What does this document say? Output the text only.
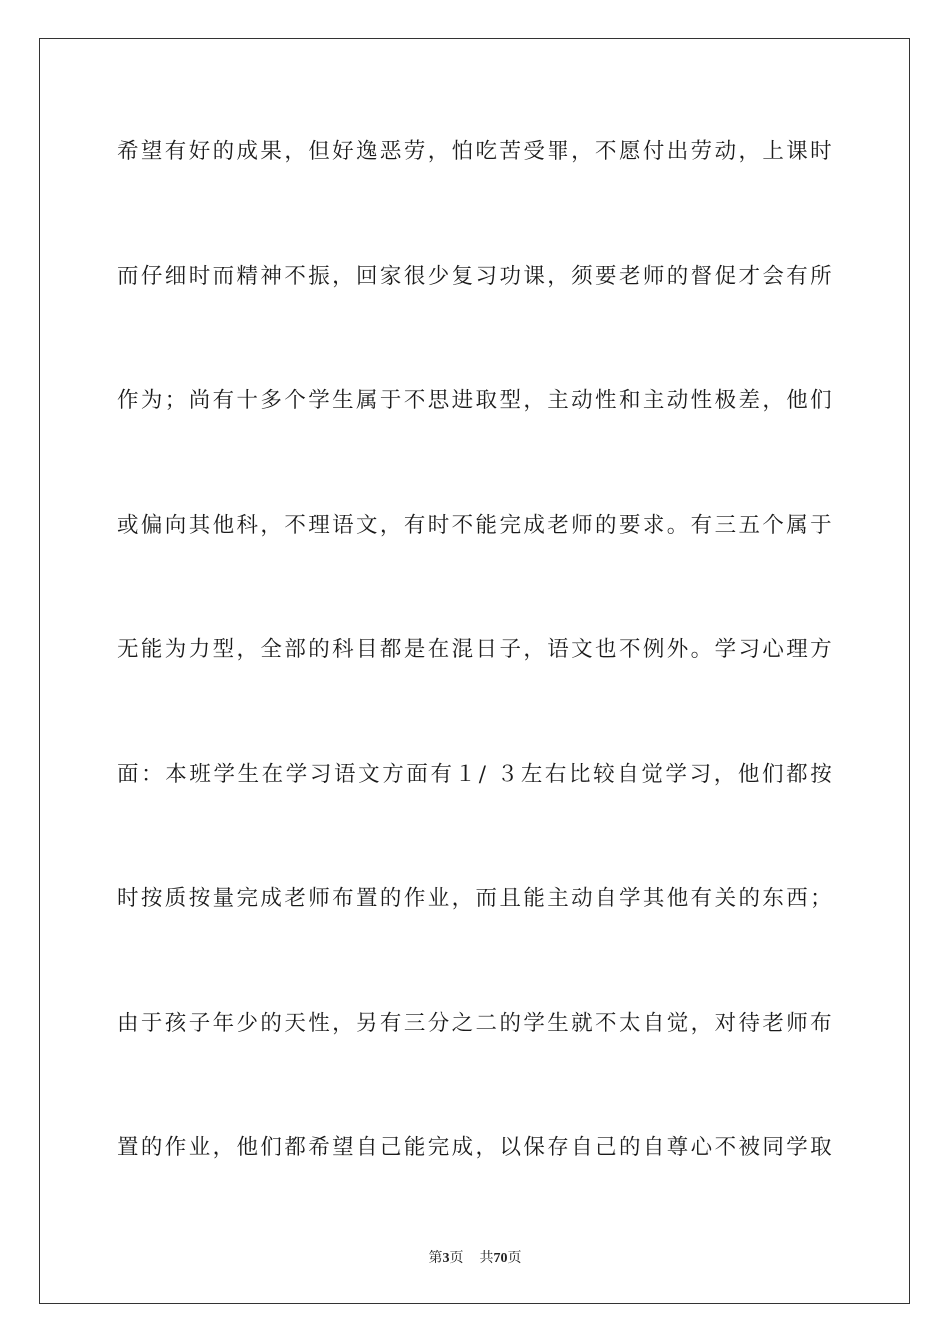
希望有好的成果，但好逸恶劳，怕吃苦受罪，不愿付出劳动，上课时
而仔细时而精神不振，回家很少复习功课，须要老师的督促才会有所
作为；尚有十多个学生属于不思进取型，主动性和主动性极差，他们
或偏向其他科，不理语文，有时不能完成老师的要求。有三五个属于
无能为力型，全部的科目都是在混日子，语文也不例外。学习心理方
面：本班学生在学习语文方面有１/ ３左右比较自觉学习，他们都按
时按质按量完成老师布置的作业，而且能主动自学其他有关的东西；
由于孩子年少的天性，另有三分之二的学生就不太自觉，对待老师布
置的作业，他们都希望自己能完成，以保存自己的自尊心不被同学取
第3页 共70页
